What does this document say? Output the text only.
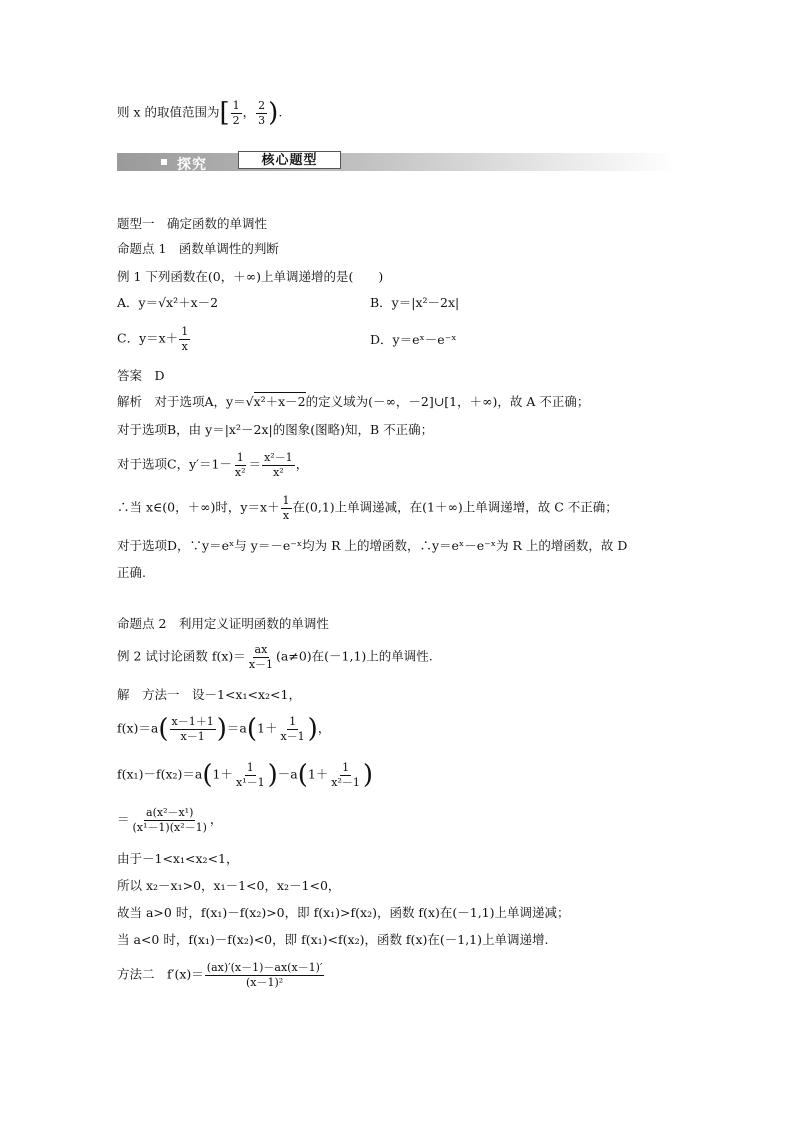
则 x 的取值范围为[ $\frac{1}{2}$ ， $\frac{2}{3}$ ).
探究	核心题型
题型一　确定函数的单调性
命题点 1　函数单调性的判断
例 1 下列函数在(0，＋∞)上单调递增的是(　　)
A．y＝√x²＋x－2	B．y＝|x²－2x|
C．$y=x+ \frac{1}{x}$	D．y＝eˣ－e⁻ˣ
答案　D
解析　对于选项A，y＝√x²＋x－2的定义域为(－∞，－2]∪[1，＋∞)，故 A 不正确；
对于选项B，由 y＝|x²－2x|的图象(图略)知，B 不正确；
对于选项C，$y'=1- \frac{1}{\text{x²}} = \frac{\text{x²－1}}{\text{x²}}$ ，
∴当 x∈(0，＋∞)时，$y=x+ \frac{1}{x}$ 在(0,1)上单调递减，在(1＋∞)上单调递增，故 C 不正确；
对于选项D，∵y＝eˣ与 y＝－e⁻ˣ均为 R 上的增函数，∴y＝eˣ－e⁻ˣ为 R 上的增函数，故 D
正确.
命题点 2　利用定义证明函数的单调性
例 2 试讨论函数 $f(x)= \frac{ax}{x-1} (a\ne 0)$在(－1,1)上的单调性.
解　方法一　设－1<x₁<x₂<1，
$f(x)=a( \frac{x-1+1}{x-1} )=a(1+ \frac{1}{x-1}$ )，
$f(x_1)-f(x_2)=a(1+ \frac{1}{\text{x¹－1}} )-a(1+ \frac{1}{\text{x²－1}}$ )
＝ $\frac{\text{a(x²－x¹)}}{\text{(x¹－1)(x²－1)}}$ ，
由于－1<x₁<x₂<1，
所以 x₂－x₁>0，x₁－1<0，x₂－1<0，
故当 a>0 时，f(x₁)－f(x₂)>0，即 f(x₁)>f(x₂)，函数 f(x)在(－1,1)上单调递减；
当 a<0 时，f(x₁)－f(x₂)<0，即 f(x₁)<f(x₂)，函数 f(x)在(－1,1)上单调递增.
方法二　$f'(x)= \frac{(ax)'(x-1)-ax(x-1)'}{\text{(x－1)²}}$
